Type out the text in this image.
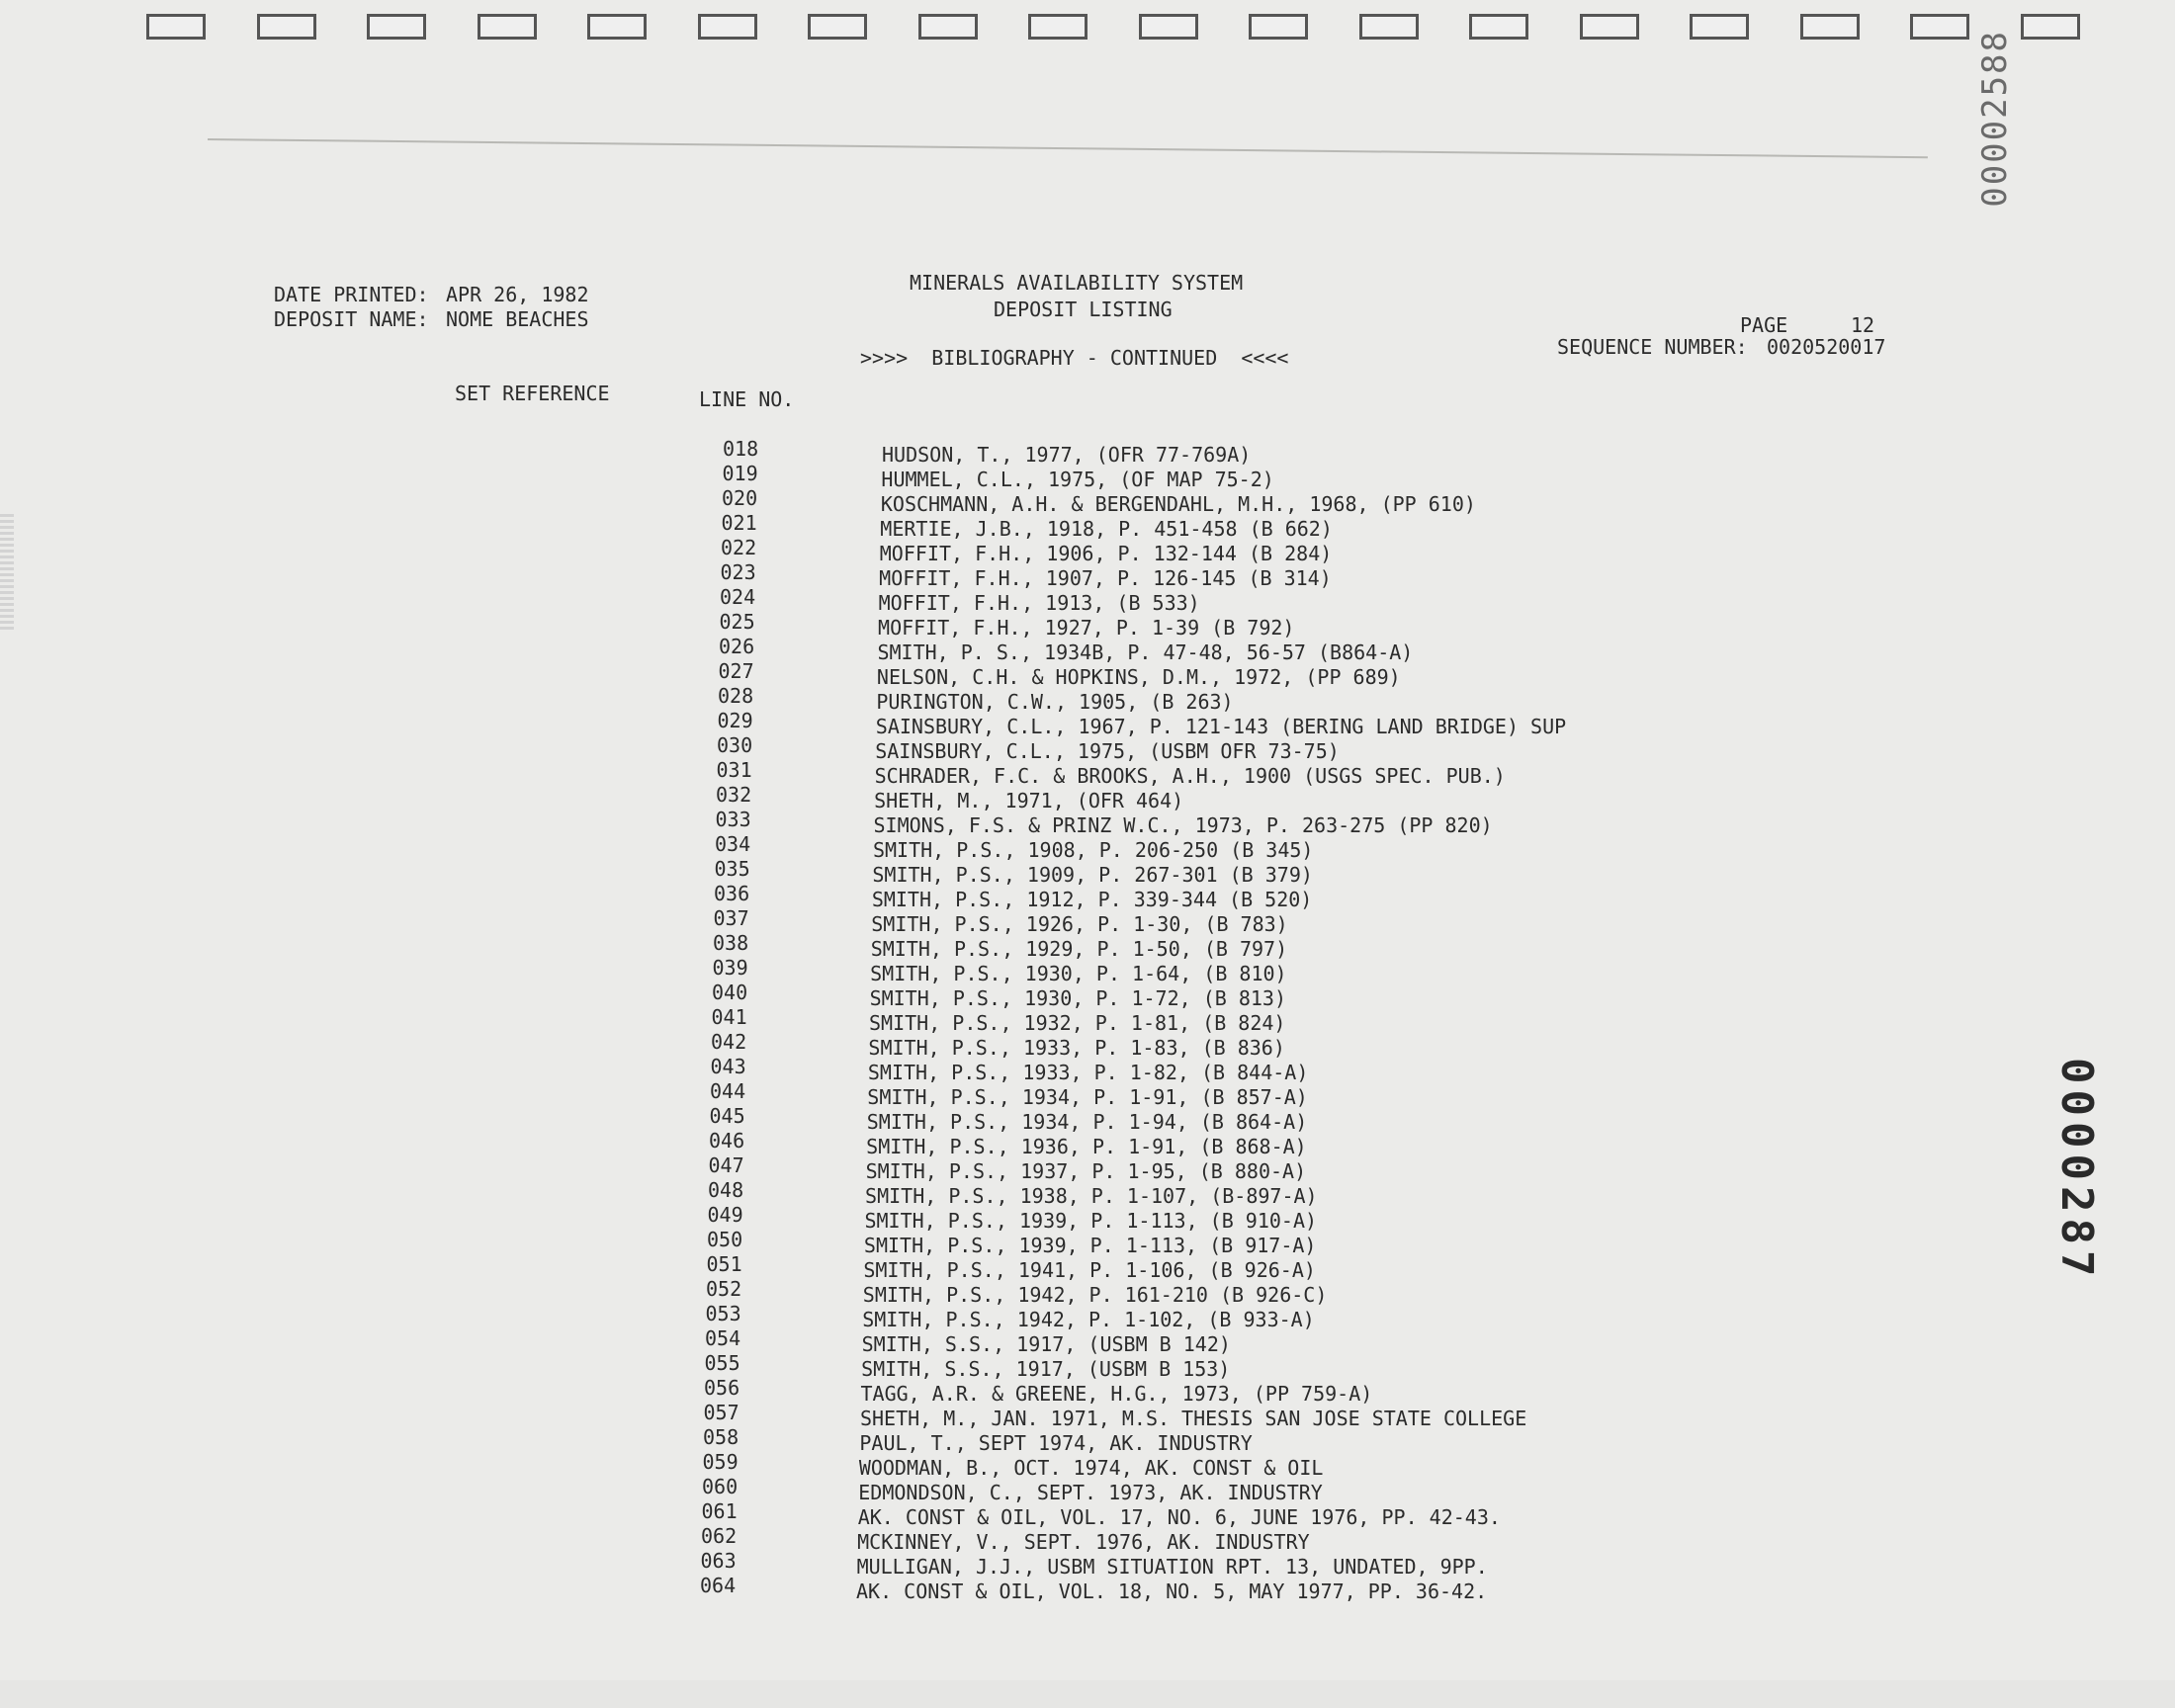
00002588
0000287
DATE PRINTED: APR 26, 1982
DEPOSIT NAME: NOME BEACHES
MINERALS AVAILABILITY SYSTEM
DEPOSIT LISTING
>>>>  BIBLIOGRAPHY - CONTINUED  <<<<
PAGE	12
SEQUENCE NUMBER: 0020520017
SET REFERENCE	LINE NO.
018	HUDSON, T., 1977, (OFR 77-769A)
019	HUMMEL, C.L., 1975, (OF MAP 75-2)
020	KOSCHMANN, A.H. & BERGENDAHL, M.H., 1968, (PP 610)
021	MERTIE, J.B., 1918, P. 451-458 (B 662)
022	MOFFIT, F.H., 1906, P. 132-144 (B 284)
023	MOFFIT, F.H., 1907, P. 126-145 (B 314)
024	MOFFIT, F.H., 1913, (B 533)
025	MOFFIT, F.H., 1927, P. 1-39 (B 792)
026	SMITH, P. S., 1934B, P. 47-48, 56-57 (B864-A)
027	NELSON, C.H. & HOPKINS, D.M., 1972, (PP 689)
028	PURINGTON, C.W., 1905, (B 263)
029	SAINSBURY, C.L., 1967, P. 121-143 (BERING LAND BRIDGE) SUP
030	SAINSBURY, C.L., 1975, (USBM OFR 73-75)
031	SCHRADER, F.C. & BROOKS, A.H., 1900 (USGS SPEC. PUB.)
032	SHETH, M., 1971, (OFR 464)
033	SIMONS, F.S. & PRINZ W.C., 1973, P. 263-275 (PP 820)
034	SMITH, P.S., 1908, P. 206-250 (B 345)
035	SMITH, P.S., 1909, P. 267-301 (B 379)
036	SMITH, P.S., 1912, P. 339-344 (B 520)
037	SMITH, P.S., 1926, P. 1-30, (B 783)
038	SMITH, P.S., 1929, P. 1-50, (B 797)
039	SMITH, P.S., 1930, P. 1-64, (B 810)
040	SMITH, P.S., 1930, P. 1-72, (B 813)
041	SMITH, P.S., 1932, P. 1-81, (B 824)
042	SMITH, P.S., 1933, P. 1-83, (B 836)
043	SMITH, P.S., 1933, P. 1-82, (B 844-A)
044	SMITH, P.S., 1934, P. 1-91, (B 857-A)
045	SMITH, P.S., 1934, P. 1-94, (B 864-A)
046	SMITH, P.S., 1936, P. 1-91, (B 868-A)
047	SMITH, P.S., 1937, P. 1-95, (B 880-A)
048	SMITH, P.S., 1938, P. 1-107, (B-897-A)
049	SMITH, P.S., 1939, P. 1-113, (B 910-A)
050	SMITH, P.S., 1939, P. 1-113, (B 917-A)
051	SMITH, P.S., 1941, P. 1-106, (B 926-A)
052	SMITH, P.S., 1942, P. 161-210 (B 926-C)
053	SMITH, P.S., 1942, P. 1-102, (B 933-A)
054	SMITH, S.S., 1917, (USBM B 142)
055	SMITH, S.S., 1917, (USBM B 153)
056	TAGG, A.R. & GREENE, H.G., 1973, (PP 759-A)
057	SHETH, M., JAN. 1971, M.S. THESIS SAN JOSE STATE COLLEGE
058	PAUL, T., SEPT 1974, AK. INDUSTRY
059	WOODMAN, B., OCT. 1974, AK. CONST & OIL
060	EDMONDSON, C., SEPT. 1973, AK. INDUSTRY
061	AK. CONST & OIL, VOL. 17, NO. 6, JUNE 1976, PP. 42-43.
062	MCKINNEY, V., SEPT. 1976, AK. INDUSTRY
063	MULLIGAN, J.J., USBM SITUATION RPT. 13, UNDATED, 9PP.
064	AK. CONST & OIL, VOL. 18, NO. 5, MAY 1977, PP. 36-42.
